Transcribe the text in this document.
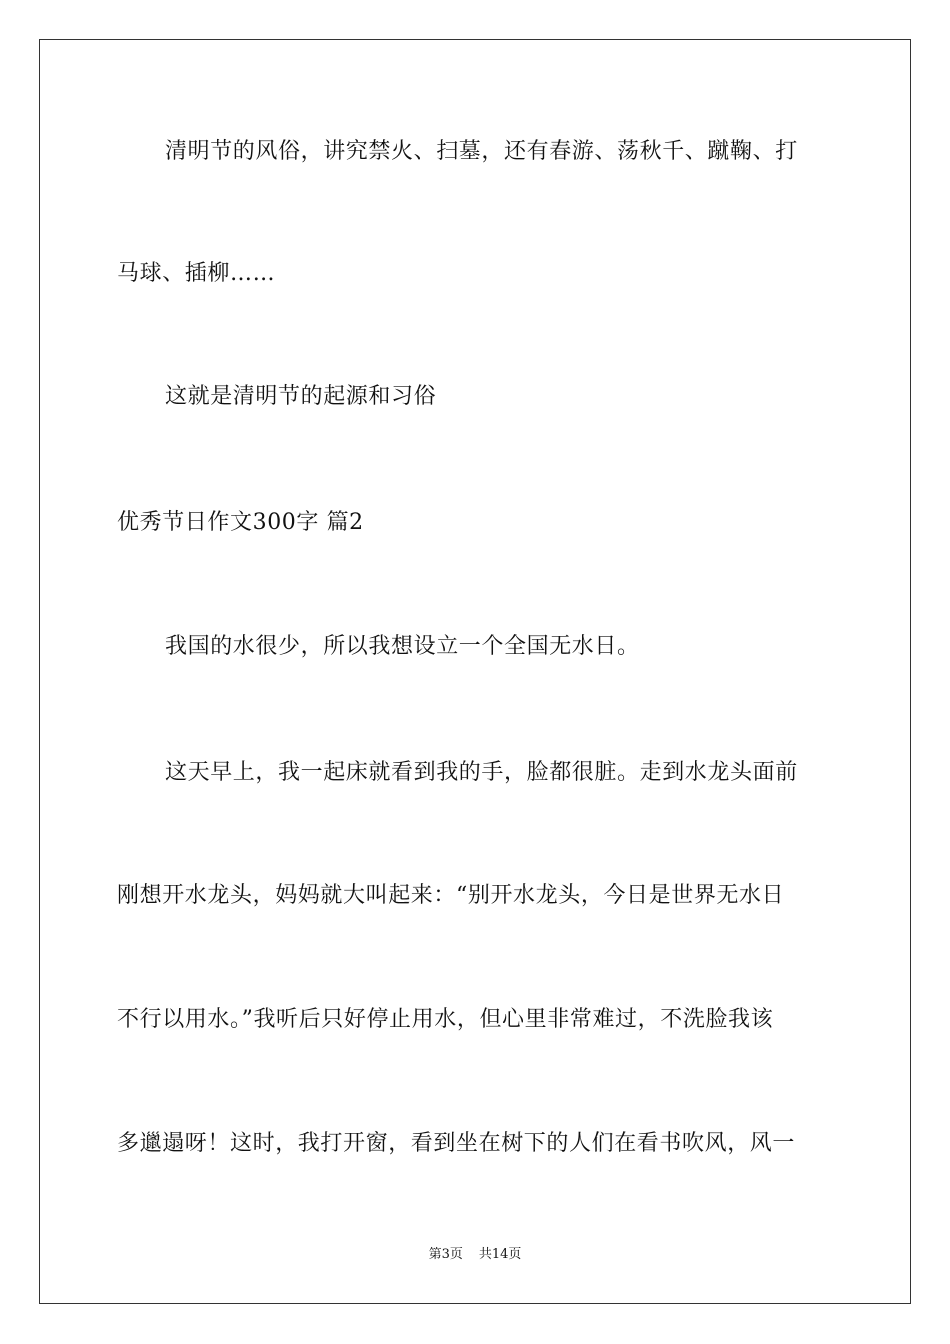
清明节的风俗，讲究禁火、扫墓，还有春游、荡秋千、蹴鞠、打
马球、插柳……
这就是清明节的起源和习俗
优秀节日作文300字 篇2
我国的水很少，所以我想设立一个全国无水日。
这天早上，我一起床就看到我的手，脸都很脏。走到水龙头面前
刚想开水龙头，妈妈就大叫起来：“别开水龙头，今日是世界无水日
不行以用水。”我听后只好停止用水，但心里非常难过，不洗脸我该
多邋遢呀！这时，我打开窗，看到坐在树下的人们在看书吹风，风一
第3页 共14页
